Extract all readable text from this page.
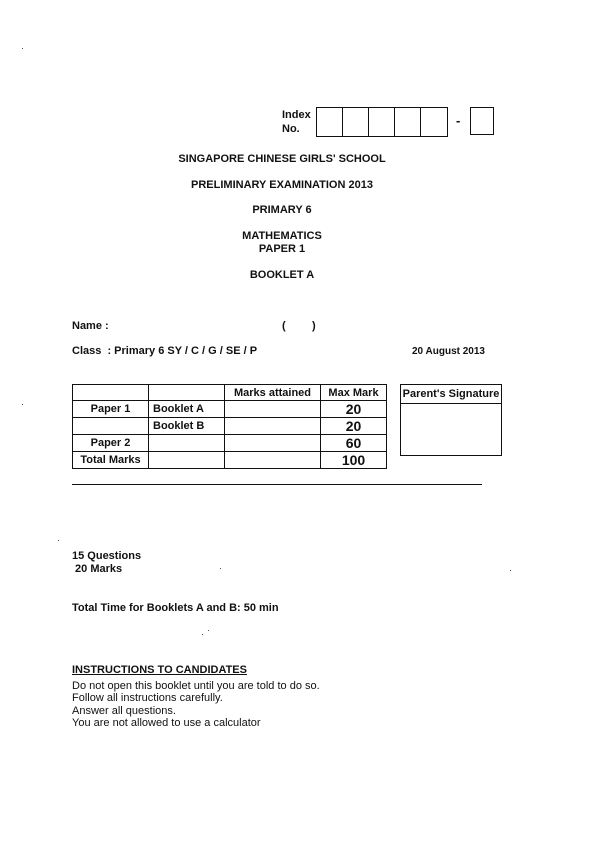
Index
No.
-
SINGAPORE CHINESE GIRLS' SCHOOL
PRELIMINARY EXAMINATION 2013
PRIMARY 6
MATHEMATICS
PAPER 1
BOOKLET A
Name :	( )
Class  : Primary 6 SY / C / G / SE / P	20 August 2013
		Marks attained	Max Mark
Paper 1	Booklet A		20
	Booklet B		20
Paper 2			60
Total Marks			100
Parent's Signature
15 Questions
20 Marks
Total Time for Booklets A and B: 50 min
INSTRUCTIONS TO CANDIDATES
Do not open this booklet until you are told to do so.
Follow all instructions carefully.
Answer all questions.
You are not allowed to use a calculator
